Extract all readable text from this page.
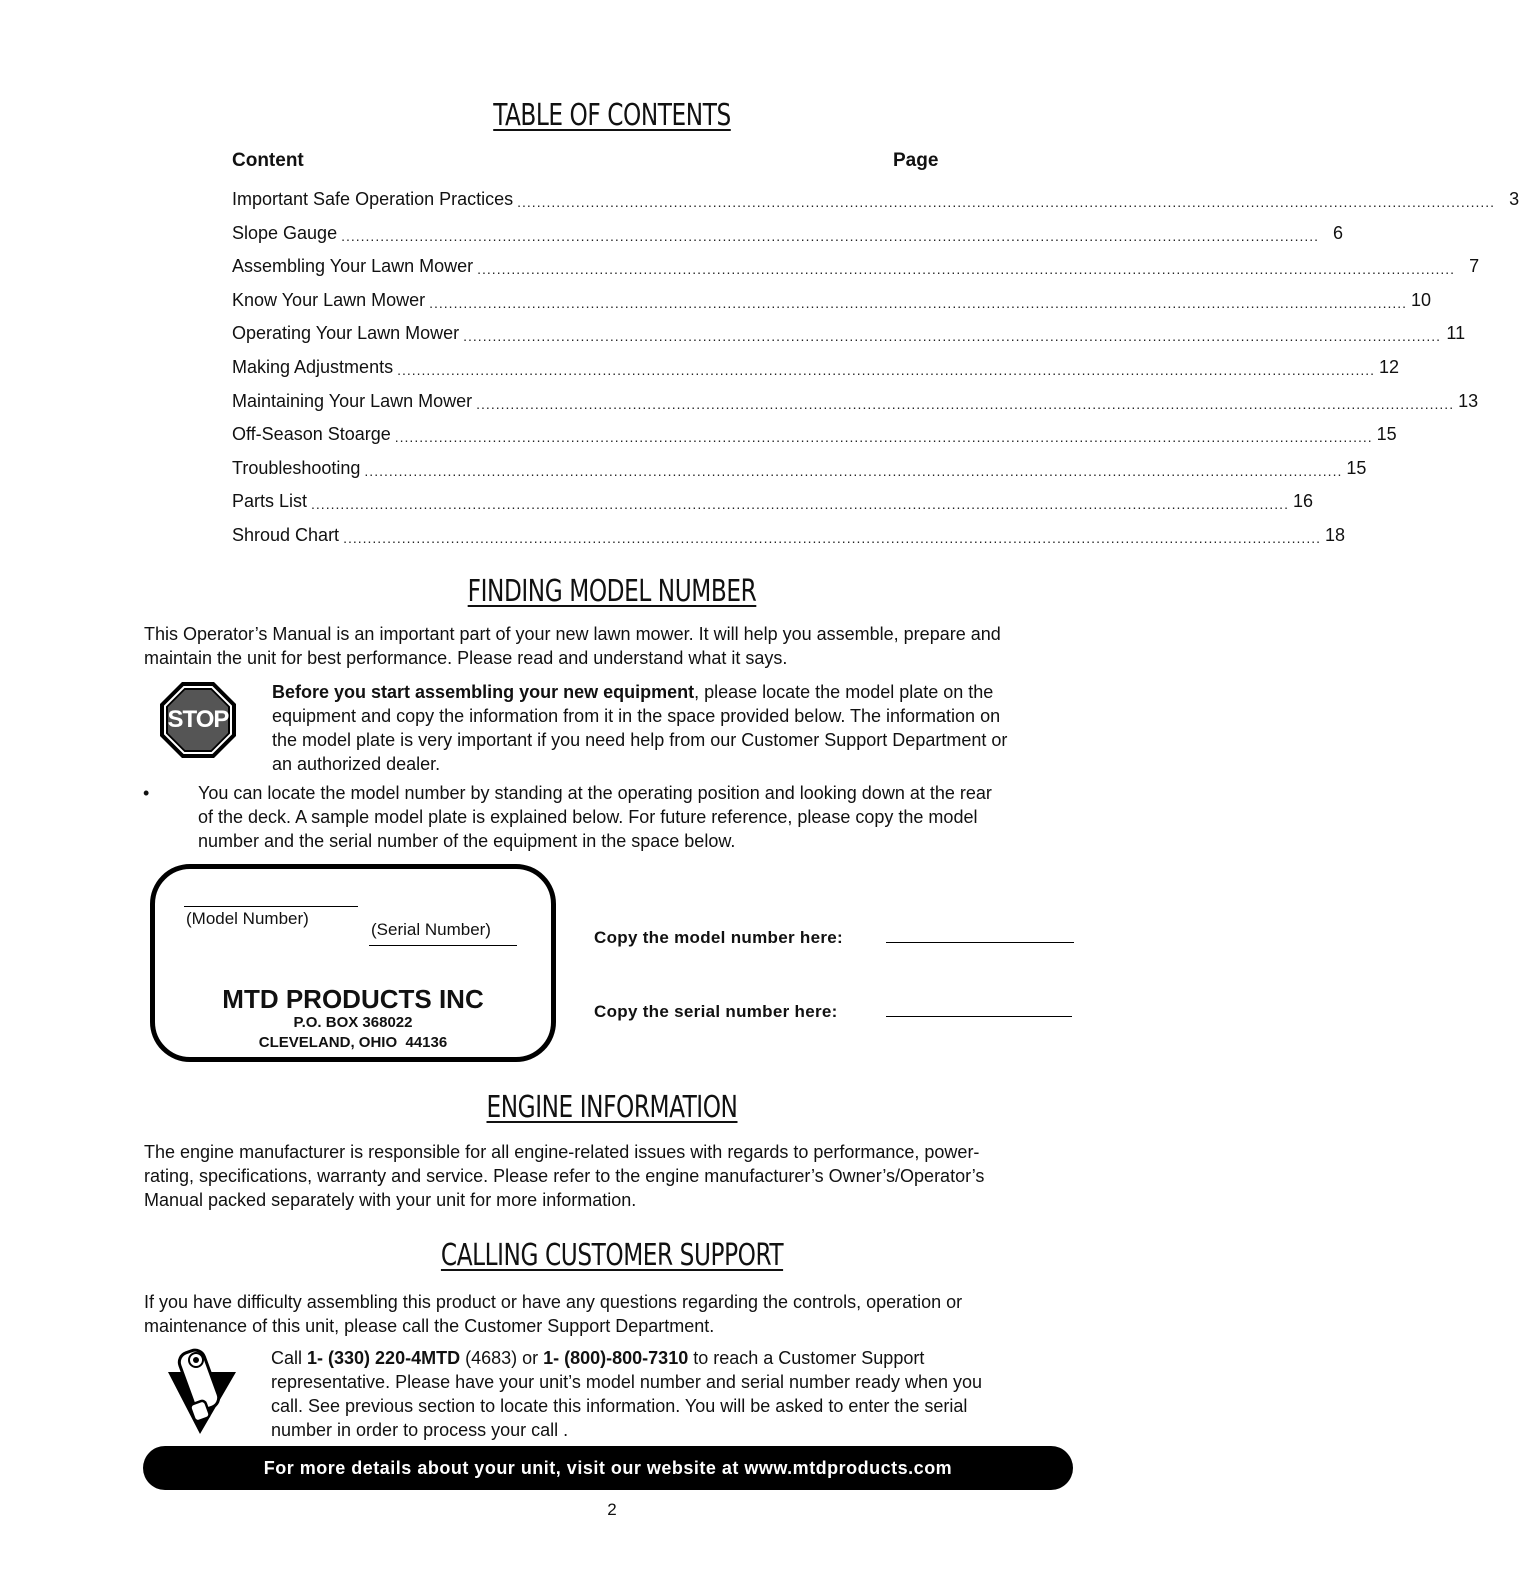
TABLE OF CONTENTS
Content	Page
Important Safe Operation Practices ........................................................................................................................................................................................................ 3
Slope Gauge ........................................................................................................................................................................................................ 6
Assembling Your Lawn Mower ........................................................................................................................................................................................................ 7
Know Your Lawn Mower ........................................................................................................................................................................................................ 10
Operating Your Lawn Mower ........................................................................................................................................................................................................ 11
Making Adjustments ........................................................................................................................................................................................................ 12
Maintaining Your Lawn Mower ........................................................................................................................................................................................................ 13
Off-Season Stoarge ........................................................................................................................................................................................................ 15
Troubleshooting ........................................................................................................................................................................................................ 15
Parts List ........................................................................................................................................................................................................ 16
Shroud Chart ........................................................................................................................................................................................................ 18
FINDING MODEL NUMBER

This Operator’s Manual is an important part of your new lawn mower. It will help you assemble, prepare and

maintain the unit for best performance. Please read and understand what it says.

STOP

Before you start assembling your new equipment, please locate the model plate on the

equipment and copy the information from it in the space provided below. The information on

the model plate is very important if you need help from our Customer Support Department or

an authorized dealer.

•	You can locate the model number by standing at the operating position and looking down at the rear

of the deck. A sample model plate is explained below. For future reference, please copy the model

number and the serial number of the equipment in the space below.

(Model Number)
(Serial Number)
MTD PRODUCTS INC
P.O. BOX 368022
CLEVELAND, OHIO  44136
Copy the model number here:
Copy the serial number here:
ENGINE INFORMATION

The engine manufacturer is responsible for all engine-related issues with regards to performance, power-

rating, specifications, warranty and service. Please refer to the engine manufacturer’s Owner’s/Operator’s

Manual packed separately with your unit for more information.

CALLING CUSTOMER SUPPORT

If you have difficulty assembling this product or have any questions regarding the controls, operation or

maintenance of this unit, please call the Customer Support Department.

Call 1- (330) 220-4MTD (4683) or 1- (800)-800-7310 to reach a Customer Support

representative. Please have your unit’s model number and serial number ready when you

call. See previous section to locate this information. You will be asked to enter the serial

number in order to process your call .

For more details about your unit, visit our website at www.mtdproducts.com
2
